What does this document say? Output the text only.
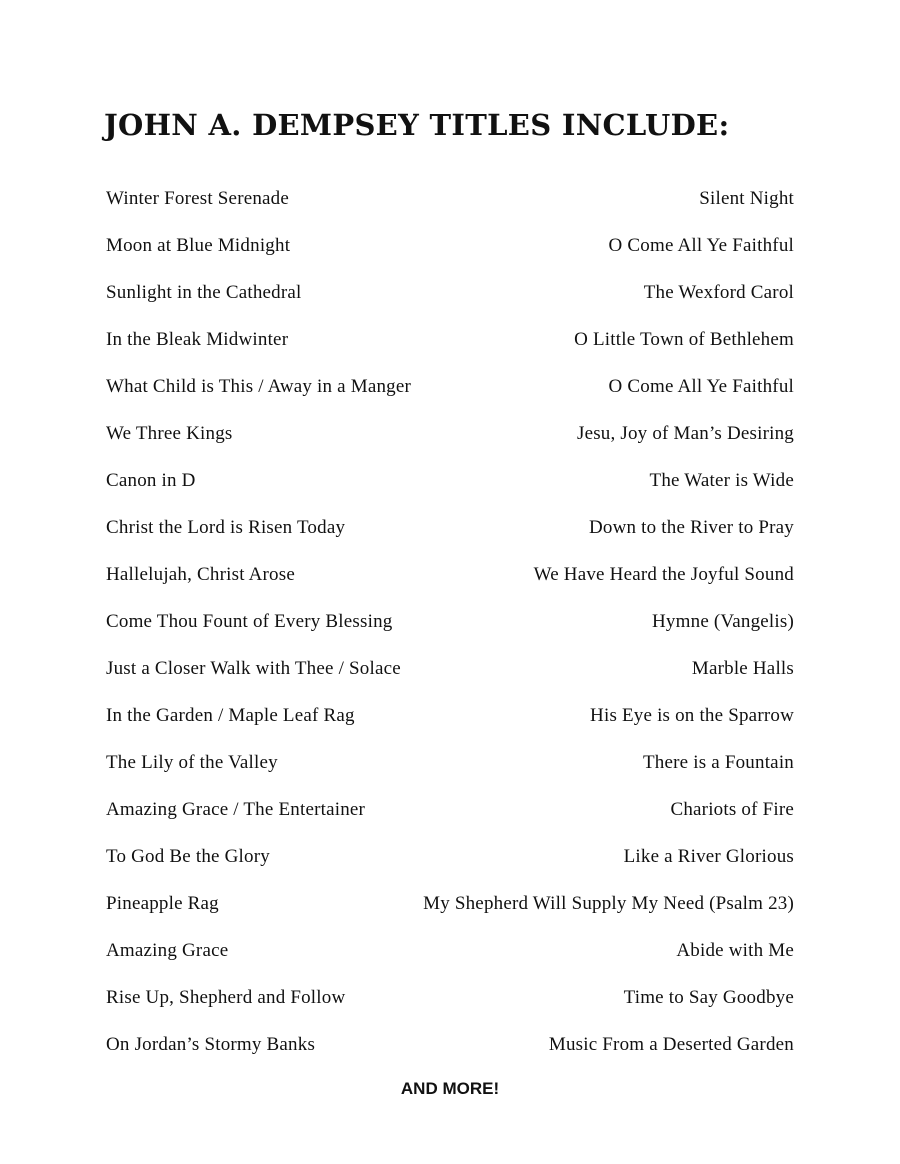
JOHN A. DEMPSEY TITLES INCLUDE:
Winter Forest Serenade	Silent Night
Moon at Blue Midnight	O Come All Ye Faithful
Sunlight in the Cathedral	The Wexford Carol
In the Bleak Midwinter	O Little Town of Bethlehem
What Child is This / Away in a Manger	O Come All Ye Faithful
We Three Kings	Jesu, Joy of Man’s Desiring
Canon in D	The Water is Wide
Christ the Lord is Risen Today	Down to the River to Pray
Hallelujah, Christ Arose	We Have Heard the Joyful Sound
Come Thou Fount of Every Blessing	Hymne (Vangelis)
Just a Closer Walk with Thee / Solace	Marble Halls
In the Garden / Maple Leaf Rag	His Eye is on the Sparrow
The Lily of the Valley	There is a Fountain
Amazing Grace / The Entertainer	Chariots of Fire
To God Be the Glory	Like a River Glorious
Pineapple Rag	My Shepherd Will Supply My Need (Psalm 23)
Amazing Grace	Abide with Me
Rise Up, Shepherd and Follow	Time to Say Goodbye
On Jordan’s Stormy Banks	Music From a Deserted Garden
AND MORE!
